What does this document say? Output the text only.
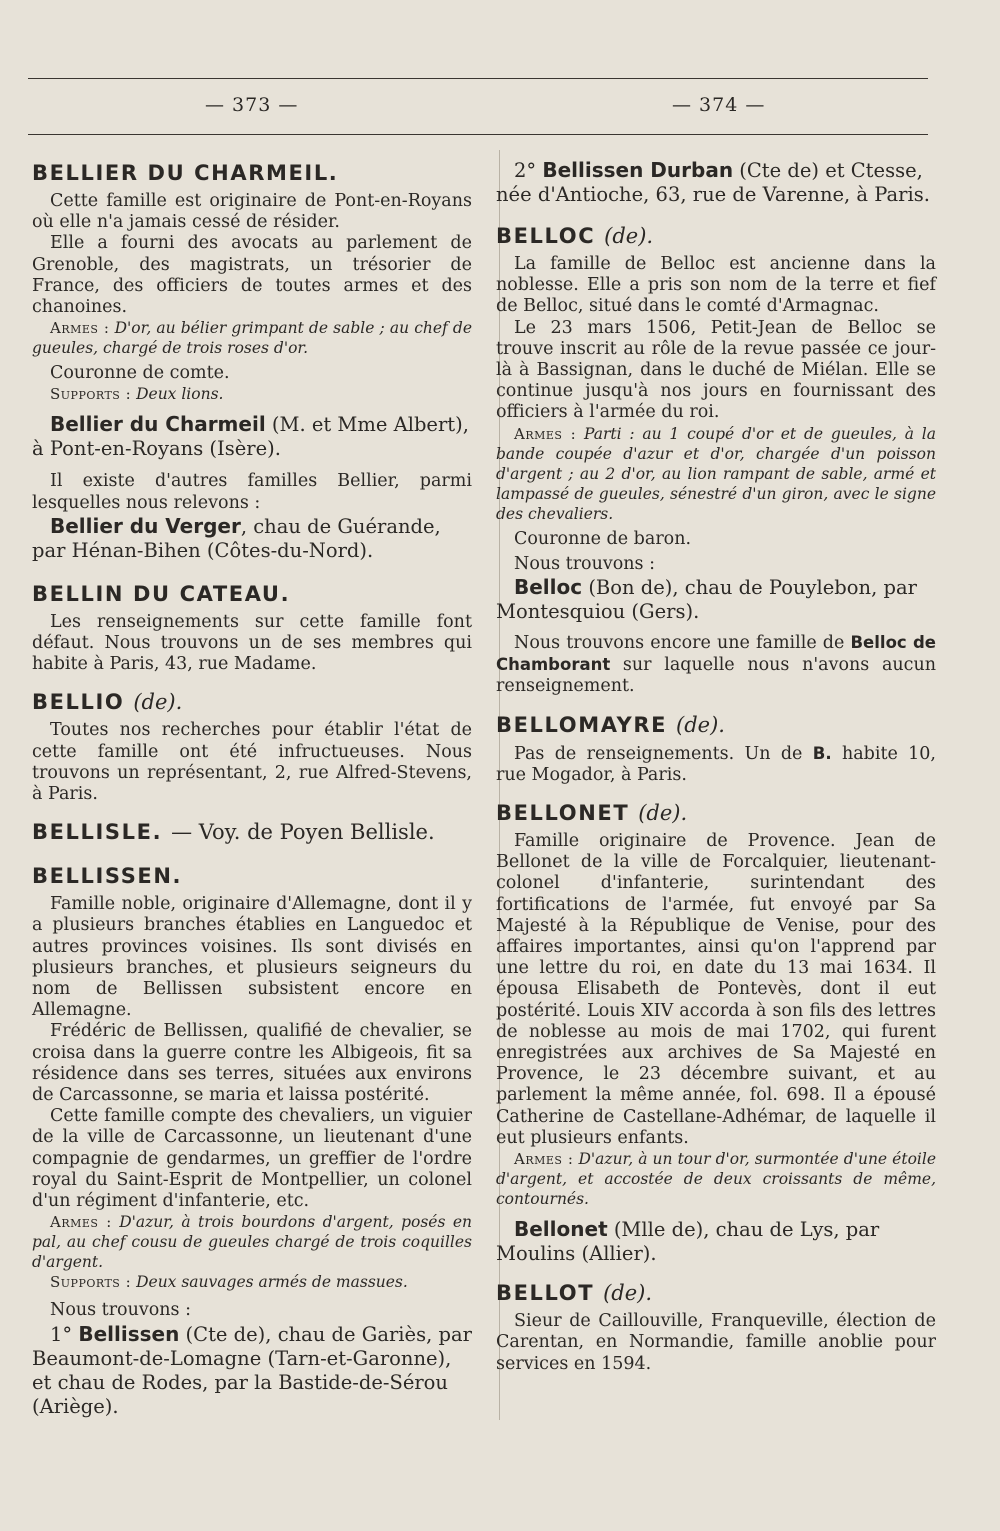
— 373 —	— 374 —
BELLIER DU CHARMEIL.

Cette famille est originaire de Pont-en-Royans où elle n'a jamais cessé de résider.

Elle a fourni des avocats au parlement de Grenoble, des magistrats, un trésorier de France, des officiers de toutes armes et des chanoines.

Armes : D'or, au bélier grimpant de sable ; au chef de gueules, chargé de trois roses d'or.

Couronne de comte.

Supports : Deux lions.

Bellier du Charmeil (M. et Mme Albert), à Pont-en-Royans (Isère).

Il existe d'autres familles Bellier, parmi lesquelles nous relevons :

Bellier du Verger, chau de Guérande, par Hénan-Bihen (Côtes-du-Nord).

BELLIN DU CATEAU.

Les renseignements sur cette famille font défaut. Nous trouvons un de ses membres qui habite à Paris, 43, rue Madame.

BELLIO (de).

Toutes nos recherches pour établir l'état de cette famille ont été infructueuses. Nous trouvons un représentant, 2, rue Alfred-Stevens, à Paris.

BELLISLE. — Voy. de Poyen Bellisle.
BELLISSEN.

Famille noble, originaire d'Allemagne, dont il y a plusieurs branches établies en Languedoc et autres provinces voisines. Ils sont divisés en plusieurs branches, et plusieurs seigneurs du nom de Bellissen subsistent encore en Allemagne.

Frédéric de Bellissen, qualifié de chevalier, se croisa dans la guerre contre les Albigeois, fit sa résidence dans ses terres, situées aux environs de Carcassonne, se maria et laissa postérité.

Cette famille compte des chevaliers, un viguier de la ville de Carcassonne, un lieutenant d'une compagnie de gendarmes, un greffier de l'ordre royal du Saint-Esprit de Montpellier, un colonel d'un régiment d'infanterie, etc.

Armes : D'azur, à trois bourdons d'argent, posés en pal, au chef cousu de gueules chargé de trois coquilles d'argent.

Supports : Deux sauvages armés de massues.

Nous trouvons :

1° Bellissen (Cte de), chau de Gariès, par Beaumont-de-Lomagne (Tarn-et-Garonne), et chau de Rodes, par la Bastide-de-Sérou (Ariège).

2° Bellissen Durban (Cte de) et Ctesse, née d'Antioche, 63, rue de Varenne, à Paris.

BELLOC (de).

La famille de Belloc est ancienne dans la noblesse. Elle a pris son nom de la terre et fief de Belloc, situé dans le comté d'Armagnac.

Le 23 mars 1506, Petit-Jean de Belloc se trouve inscrit au rôle de la revue passée ce jour-là à Bassignan, dans le duché de Miélan. Elle se continue jusqu'à nos jours en fournissant des officiers à l'armée du roi.

Armes : Parti : au 1 coupé d'or et de gueules, à la bande coupée d'azur et d'or, chargée d'un poisson d'argent ; au 2 d'or, au lion rampant de sable, armé et lampassé de gueules, sénestré d'un giron, avec le signe des chevaliers.

Couronne de baron.

Nous trouvons :

Belloc (Bon de), chau de Pouylebon, par Montesquiou (Gers).

Nous trouvons encore une famille de Belloc de Chamborant sur laquelle nous n'avons aucun renseignement.

BELLOMAYRE (de).

Pas de renseignements. Un de B. habite 10, rue Mogador, à Paris.

BELLONET (de).

Famille originaire de Provence. Jean de Bellonet de la ville de Forcalquier, lieutenant-colonel d'infanterie, surintendant des fortifications de l'armée, fut envoyé par Sa Majesté à la République de Venise, pour des affaires importantes, ainsi qu'on l'apprend par une lettre du roi, en date du 13 mai 1634. Il épousa Elisabeth de Pontevès, dont il eut postérité. Louis XIV accorda à son fils des lettres de noblesse au mois de mai 1702, qui furent enregistrées aux archives de Sa Majesté en Provence, le 23 décembre suivant, et au parlement la même année, fol. 698. Il a épousé Catherine de Castellane-Adhémar, de laquelle il eut plusieurs enfants.

Armes : D'azur, à un tour d'or, surmontée d'une étoile d'argent, et accostée de deux croissants de même, contournés.

Bellonet (Mlle de), chau de Lys, par Moulins (Allier).

BELLOT (de).

Sieur de Caillouville, Franqueville, élection de Carentan, en Normandie, famille anoblie pour services en 1594.
